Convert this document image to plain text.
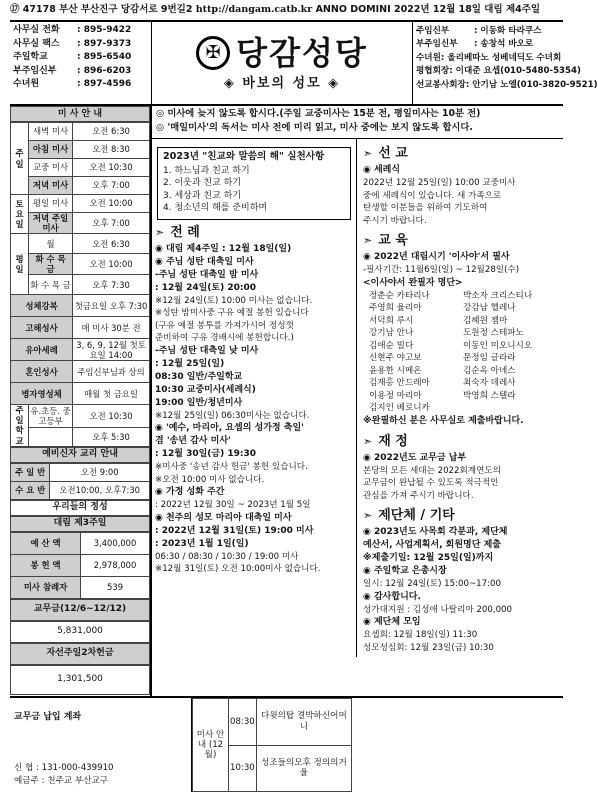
⑰ 47178 부산 부산진구 당감서로 9번길2 http://dangam.catb.kr ANNO DOMINI 2022년 12월 18일 대림 제4주일
사무실 전화	: 895-9422
사무실 팩스	: 897-9373
주일학교	: 895-6540
부주임신부	: 896-6203
수녀원	: 897-4596
✠ 당감성당
◈ 바보의 성모 ◈
주임신부	: 이동화 타라쿠스
부주임신부	: 송창석 바오로
수녀원 : 올리베따노 성베네딕도 수녀회
평협회장 : 이대준 요셉(010-5480-5354)
선교봉사회장 : 안기남 노엘(010-3820-9521)
미 사 안 내
주일	새벽 미사	오전 6:30
	아침 미사	오전 8:30
	교중 미사	오전 10:30
	저녁 미사	오후 7:00
토요일	평일 미사	오전 10:00
	저녁 주일미사	오후 7:00
평일	월	오전 6:30
	화 수 목 금	오전 10:00
	화 수 목 금	오후 7:30
성체강복		첫금요일 오후 7:30
고해성사		매 미사 30분 전
유아세례		3, 6, 9, 12월 첫토요일 14:00
혼인성사		주임신부님과 상의
병자영성체		매월 첫 금요일
주일학교	유.초등. 중고등부	오전 10:30
		오후 5:30
예비신자 교리 안내
주 일 반	오전 9:00
수 요 반	오전10:00, 오후7:30
우리들의 정성
대림 제3주일
예 산 액	3,400,000
봉 헌 액	2,978,000
미사 참례자	539
교무금(12/6~12/12)
5,831,000
자선주일2차헌금
1,301,500
◎ 미사에 늦지 않도록 합시다.(주일 교중미사는 15분 전, 평일미사는 10분 전)
◎ '매일미사'의 독서는 미사 전에 미리 읽고, 미사 중에는 보지 않도록 합시다.
2023년 "친교와 말씀의 해" 실천사항
1. 하느님과 친교 하기
2. 이웃과 친교 하기
3. 세상과 친교 하기
4. 청소년의 해를 준비하며
➣ 전 례
◉ 대림 제4주일 : 12월 18일(일)
◉ 주님 성탄 대축일 미사
-주님 성탄 대축일 밤 미사
: 12월 24일(토) 20:00
※12월 24일(토) 10:00 미사는 없습니다.
※성탄 밤미사중 구유 예절 봉헌 있습니다
(구유 예절 봉투를 가져가시어 정성껏
준비하여 구유 경배시에 봉헌합니다.)
-주님 성탄 대축일 낮 미사
: 12월 25일(일)
08:30 일반/주일학교
10:30 교중미사(세례식)
19:00 일반/청년미사
※12월 25일(일) 06:30미사는 없습니다.
◉ '예수, 마리아, 요셉의 성가정 축일'
겸 '송년 감사 미사'
: 12월 30일(금) 19:30
※미사중 '송년 감사 헌금' 봉헌 있습니다.
※오전 10:00 미사 없습니다.
◉ 가정 성화 주간
: 2022년 12월 30일 ~ 2023년 1월 5일
◉ 천주의 성모 마리아 대축일 미사
: 2022년 12월 31일(토) 19:00 미사
: 2023년 1월 1일(일)
06:30 / 08:30 / 10:30 / 19:00 미사
※12월 31일(토) 오전 10:00미사 없습니다.
➣ 선 교
◉ 세례식
2022년 12월 25일(일) 10:00 교중미사
중에 세례식이 있습니다. 새 가족으로
탄생할 이분들을 위하여 기도하여
주시기 바랍니다.
➣ 교 육
◉ 2022년 대림시기 '이사야'서 필사
-필사기간: 11월6일(일) ~ 12월28일(수)
<이사야서 완필자 명단>
정춘순 카타리나	박소자 크리스티나
주영희 율리아	강감남 헬레나
서덕희 루시	김혜원 젬마
강기남 안나	도원정 스테파노
김애순 빌다	이동인 미오니시오
신현주 야고보	문정임 글라라
윤용한 시메온	김순옥 아녜스
김재홍 안드레아	최숙자 데레사
이용정 마리아	박영희 스텔라
김지인 베로니카
※완필하신 분은 사무실로 제출바랍니다.
➣ 재 정
◉ 2022년도 교무금 납부
본당의 모든 세대는 2022회계연도의
교무금이 완납될 수 있도록 적극적인
관심을 가져 주시기 바랍니다.
➣ 제단체 / 기타
◉ 2023년도 사목회 각분과, 제단체
예산서, 사업계획서, 회원명단 제출
※제출기일: 12월 25일(일)까지
◉ 주일학교 은총시장
일시: 12월 24일(토) 15:00~17:00
◉ 감사합니다.
성가대지원 : 김성애 나탈리아 200,000
◉ 제단체 모임
요셉회: 12월 18일(일) 11:30
성모성심회: 12월 23일(금) 10:30
교무금 납입 계좌
신 협 : 131-000-439910
예금주 : 천주교 부산교구
미사 안내 (12월)	08:30	다윗의탑 결박하신어머니
	10:30	성조들의모후 정의의거울
